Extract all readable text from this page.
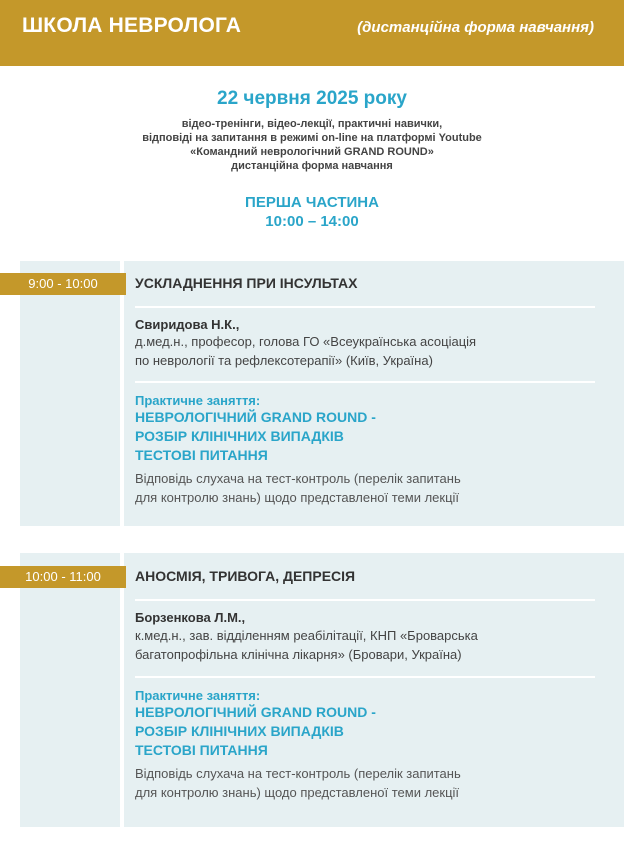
ШКОЛА НЕВРОЛОГА	(дистанційна форма навчання)
22 червня 2025 року
відео-тренінги, відео-лекції, практичні навички,
відповіді на запитання в режимі on-line на платформі Youtube
«Командний неврологічний GRAND ROUND»
дистанційна форма навчання
ПЕРША ЧАСТИНА
10:00 – 14:00
9:00 - 10:00	УСКЛАДНЕННЯ ПРИ ІНСУЛЬТАХ
Свиридова Н.К.,
д.мед.н., професор, голова ГО «Всеукраїнська асоціація
по неврології та рефлексотерапії» (Київ, Україна)
Практичне заняття:
НЕВРОЛОГІЧНИЙ GRAND ROUND -
РОЗБІР КЛІНІЧНИХ ВИПАДКІВ
ТЕСТОВІ ПИТАННЯ
Відповідь слухача на тест-контроль (перелік запитань
для контролю знань) щодо представленої теми лекції
10:00 - 11:00	АНОСМІЯ, ТРИВОГА, ДЕПРЕСІЯ
Борзенкова Л.М.,
к.мед.н., зав. відділенням реабілітації, КНП «Броварська
багатопрофільна клінічна лікарня» (Бровари, Україна)
Практичне заняття:
НЕВРОЛОГІЧНИЙ GRAND ROUND -
РОЗБІР КЛІНІЧНИХ ВИПАДКІВ
ТЕСТОВІ ПИТАННЯ
Відповідь слухача на тест-контроль (перелік запитань
для контролю знань) щодо представленої теми лекції
